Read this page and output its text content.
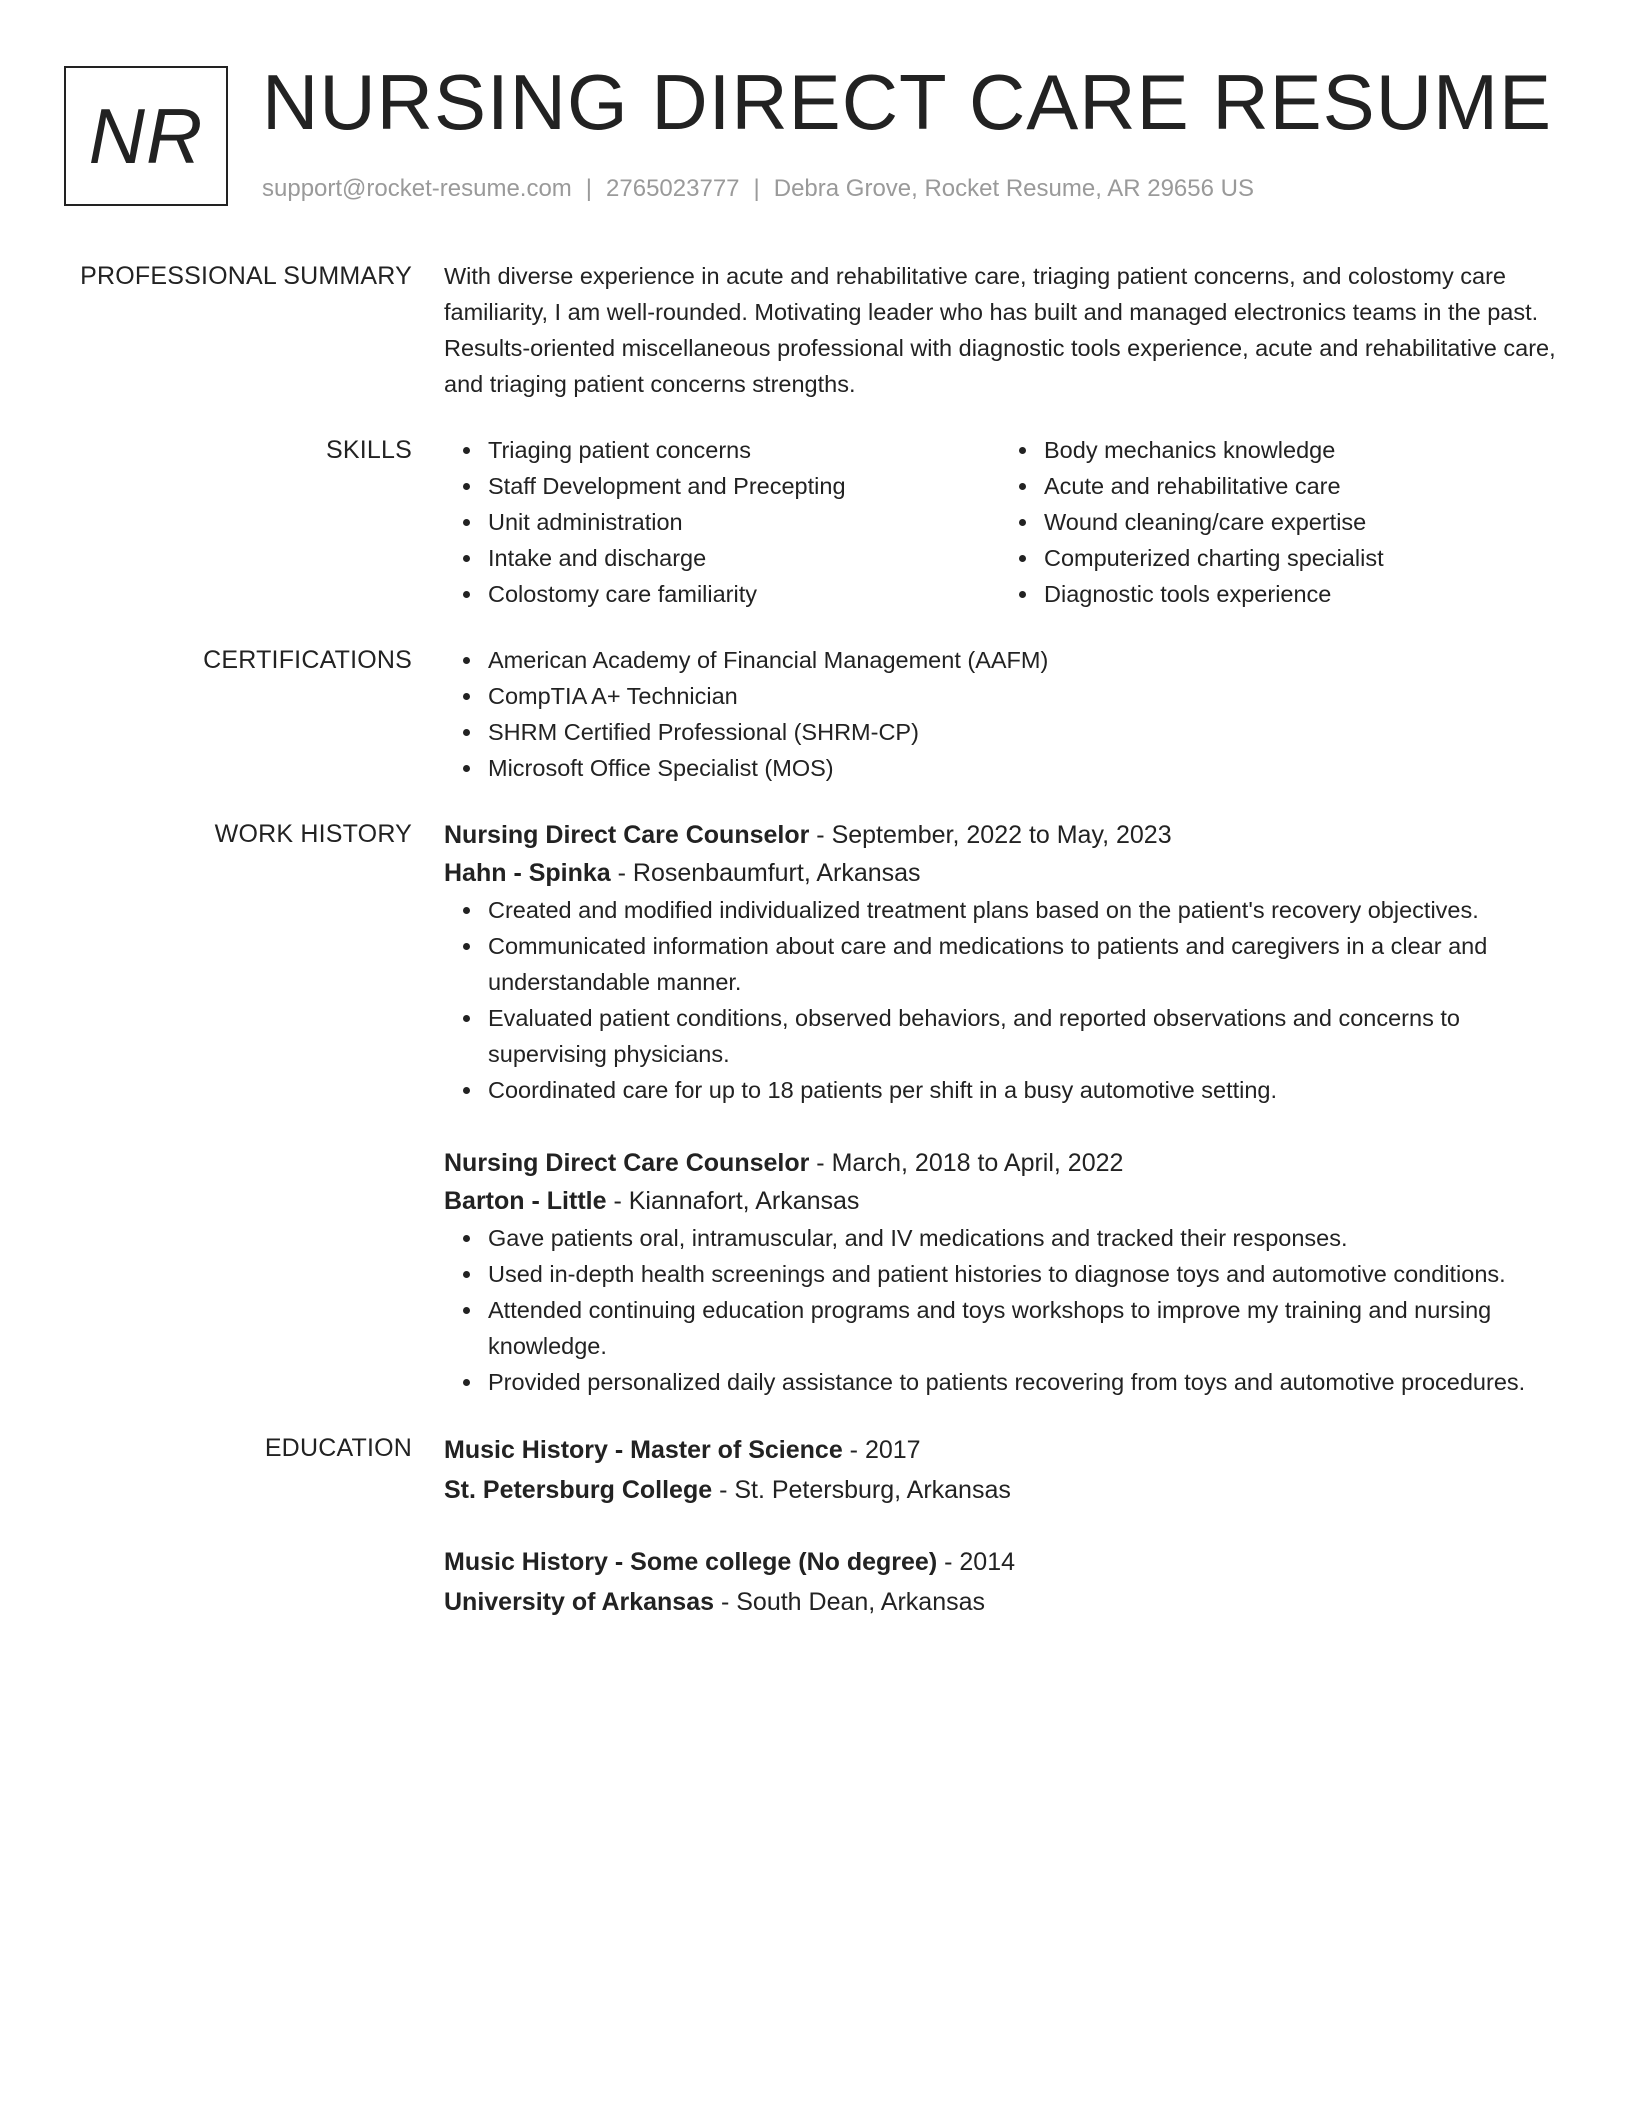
NR NURSING DIRECT CARE RESUME
support@rocket-resume.com | 2765023777 | Debra Grove, Rocket Resume, AR 29656 US
PROFESSIONAL SUMMARY With diverse experience in acute and rehabilitative care, triaging patient concerns, and colostomy care familiarity, I am well-rounded. Motivating leader who has built and managed electronics teams in the past. Results-oriented miscellaneous professional with diagnostic tools experience, acute and rehabilitative care, and triaging patient concerns strengths.

SKILLS	Triaging patient concerns
Staff Development and Precepting
Unit administration
Intake and discharge
Colostomy care familiarity
Body mechanics knowledge
Acute and rehabilitative care
Wound cleaning/care expertise
Computerized charting specialist
Diagnostic tools experience
CERTIFICATIONS	American Academy of Financial Management (AAFM)
CompTIA A+ Technician
SHRM Certified Professional (SHRM-CP)
Microsoft Office Specialist (MOS)
WORK HISTORY Nursing Direct Care Counselor - September, 2022 to May, 2023
Hahn - Spinka - Rosenbaumfurt, Arkansas
Created and modified individualized treatment plans based on the patient's recovery objectives.
Communicated information about care and medications to patients and caregivers in a clear and understandable manner.
Evaluated patient conditions, observed behaviors, and reported observations and concerns to supervising physicians.
Coordinated care for up to 18 patients per shift in a busy automotive setting.
Nursing Direct Care Counselor - March, 2018 to April, 2022
Barton - Little - Kiannafort, Arkansas
Gave patients oral, intramuscular, and IV medications and tracked their responses.
Used in-depth health screenings and patient histories to diagnose toys and automotive conditions.
Attended continuing education programs and toys workshops to improve my training and nursing knowledge.
Provided personalized daily assistance to patients recovering from toys and automotive procedures.
EDUCATION Music History - Master of Science - 2017
St. Petersburg College - St. Petersburg, Arkansas
Music History - Some college (No degree) - 2014
University of Arkansas - South Dean, Arkansas
